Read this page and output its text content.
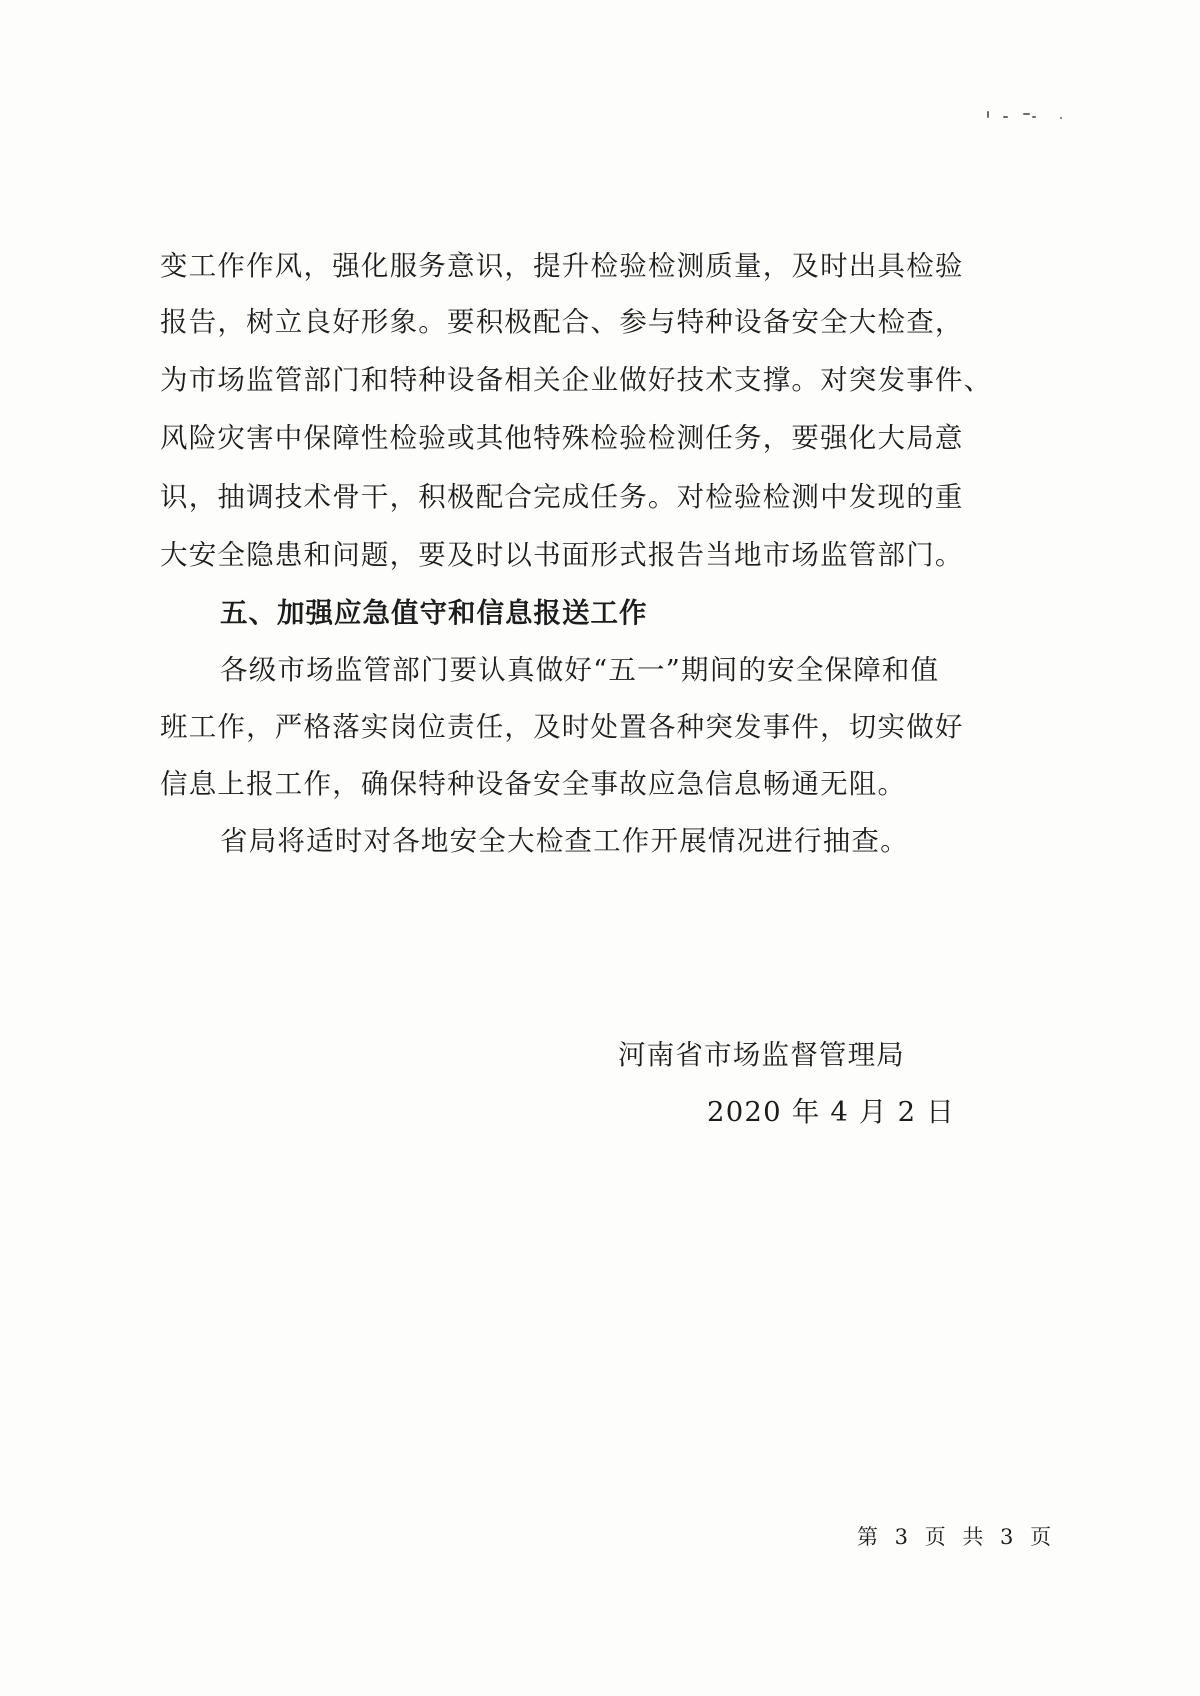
变工作作风，强化服务意识，提升检验检测质量，及时出具检验
报告，树立良好形象。要积极配合、参与特种设备安全大检查，
为市场监管部门和特种设备相关企业做好技术支撑。对突发事件、
风险灾害中保障性检验或其他特殊检验检测任务，要强化大局意
识，抽调技术骨干，积极配合完成任务。对检验检测中发现的重
大安全隐患和问题，要及时以书面形式报告当地市场监管部门。
五、加强应急值守和信息报送工作
各级市场监管部门要认真做好“五一”期间的安全保障和值
班工作，严格落实岗位责任，及时处置各种突发事件，切实做好
信息上报工作，确保特种设备安全事故应急信息畅通无阻。
省局将适时对各地安全大检查工作开展情况进行抽查。
河南省市场监督管理局
2020 年 4 月 2 日
第 3 页 共 3 页
